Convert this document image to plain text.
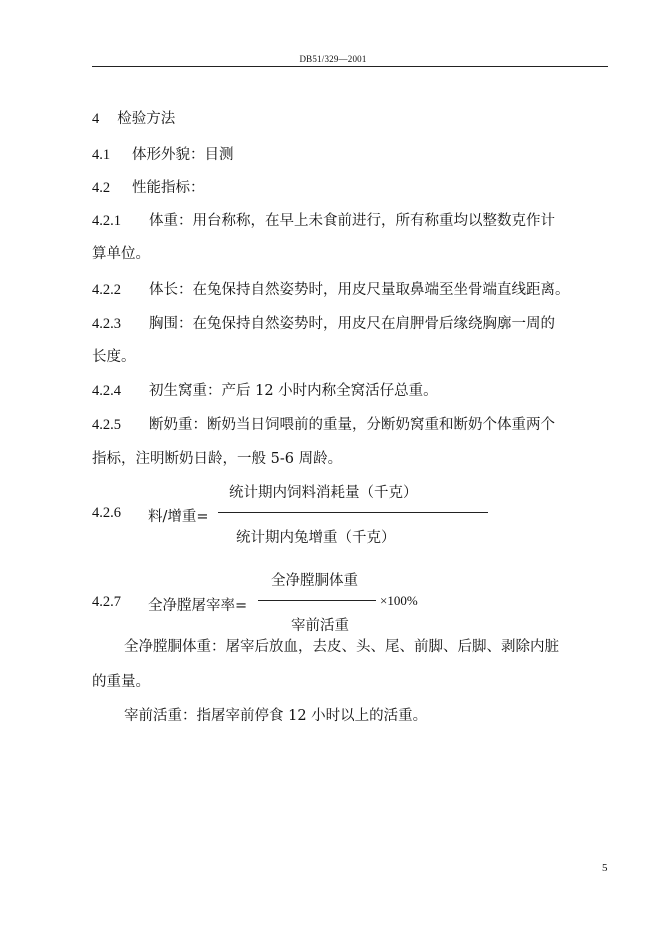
DB51/329—2001
4 检验方法
4.1 体形外貌：目测
4.2 性能指标：
4.2.1 体重：用台称称，在早上未食前进行，所有称重均以整数克作计
算单位。
4.2.2 体长：在兔保持自然姿势时，用皮尺量取鼻端至坐骨端直线距离。
4.2.3 胸围：在兔保持自然姿势时，用皮尺在肩胛骨后缘绕胸廓一周的
长度。
4.2.4 初生窝重：产后 12 小时内称全窝活仔总重。
4.2.5 断奶重：断奶当日饲喂前的重量，分断奶窝重和断奶个体重两个
指标，注明断奶日龄，一般 5-6 周龄。
4.2.6 料/增重=
统计期内饲料消耗量（千克）
统计期内兔增重（千克）
4.2.7 全净膛屠宰率=
全净膛胴体重
×100%
宰前活重
全净膛胴体重：屠宰后放血，去皮、头、尾、前脚、后脚、剥除内脏
的重量。
宰前活重：指屠宰前停食 12 小时以上的活重。
5
